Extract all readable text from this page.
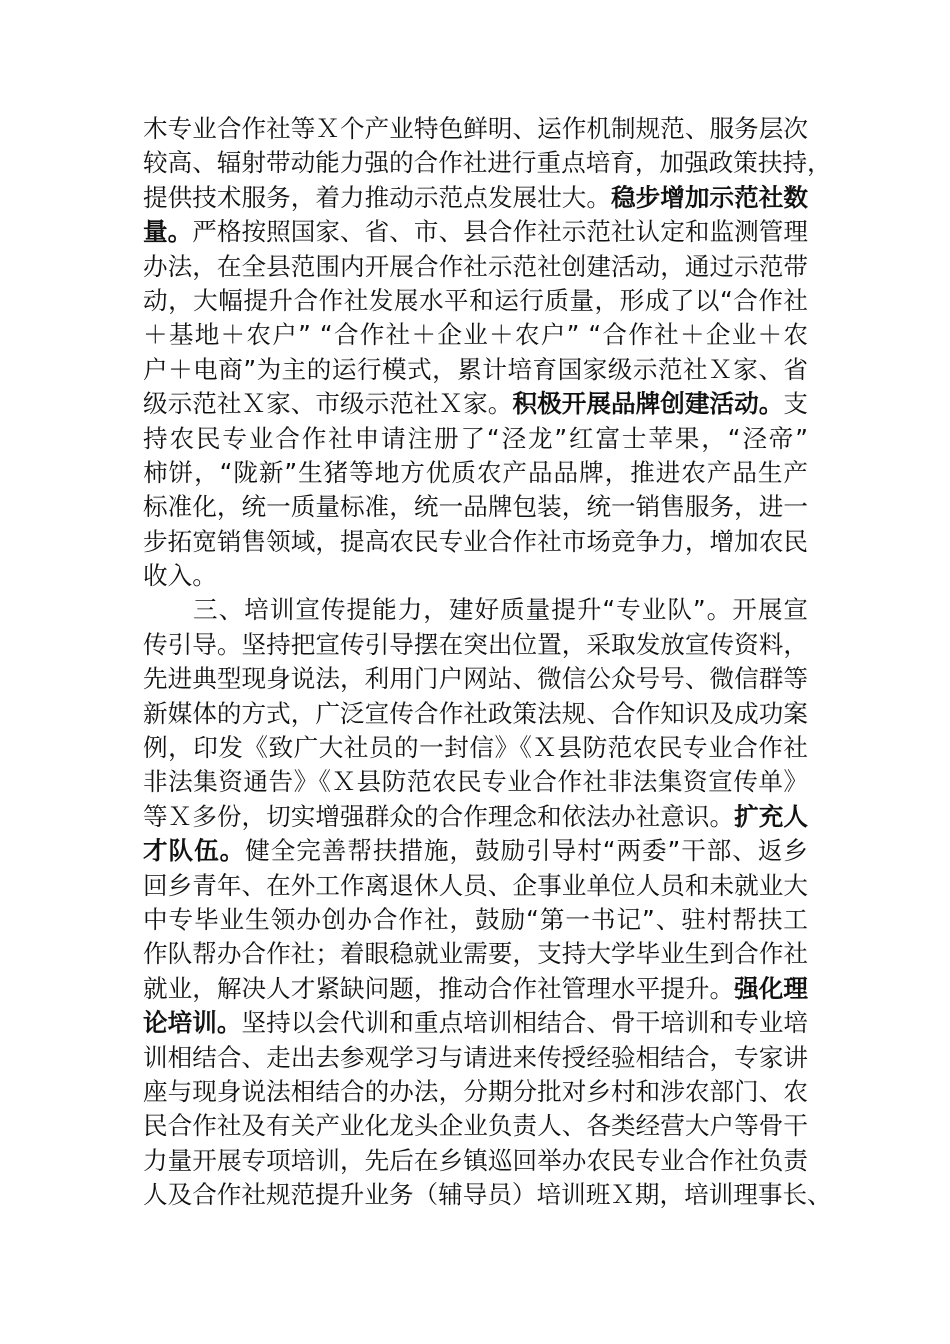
木专业合作社等Ｘ个产业特色鲜明、运作机制规范、服务层次
较高、辐射带动能力强的合作社进行重点培育，加强政策扶持，
提供技术服务，着力推动示范点发展壮大。稳步增加示范社数
量。严格按照国家、省、市、县合作社示范社认定和监测管理
办法，在全县范围内开展合作社示范社创建活动，通过示范带
动，大幅提升合作社发展水平和运行质量，形成了以“合作社
＋基地＋农户” “合作社＋企业＋农户” “合作社＋企业＋农
户＋电商”为主的运行模式，累计培育国家级示范社Ｘ家、省
级示范社Ｘ家、市级示范社Ｘ家。积极开展品牌创建活动。支
持农民专业合作社申请注册了“泾龙”红富士苹果，“泾帝”
柿饼，“陇新”生猪等地方优质农产品品牌，推进农产品生产
标准化，统一质量标准，统一品牌包装，统一销售服务，进一
步拓宽销售领域，提高农民专业合作社市场竞争力，增加农民
收入。
三、培训宣传提能力，建好质量提升“专业队”。开展宣
传引导。坚持把宣传引导摆在突出位置，采取发放宣传资料，
先进典型现身说法，利用门户网站、微信公众号号、微信群等
新媒体的方式，广泛宣传合作社政策法规、合作知识及成功案
例，印发《致广大社员的一封信》《Ｘ县防范农民专业合作社
非法集资通告》《Ｘ县防范农民专业合作社非法集资宣传单》
等Ｘ多份，切实增强群众的合作理念和依法办社意识。扩充人
才队伍。健全完善帮扶措施，鼓励引导村“两委”干部、返乡
回乡青年、在外工作离退休人员、企事业单位人员和未就业大
中专毕业生领办创办合作社，鼓励“第一书记”、驻村帮扶工
作队帮办合作社；着眼稳就业需要，支持大学毕业生到合作社
就业，解决人才紧缺问题，推动合作社管理水平提升。强化理
论培训。坚持以会代训和重点培训相结合、骨干培训和专业培
训相结合、走出去参观学习与请进来传授经验相结合，专家讲
座与现身说法相结合的办法，分期分批对乡村和涉农部门、农
民合作社及有关产业化龙头企业负责人、各类经营大户等骨干
力量开展专项培训，先后在乡镇巡回举办农民专业合作社负责
人及合作社规范提升业务（辅导员）培训班Ｘ期，培训理事长、
